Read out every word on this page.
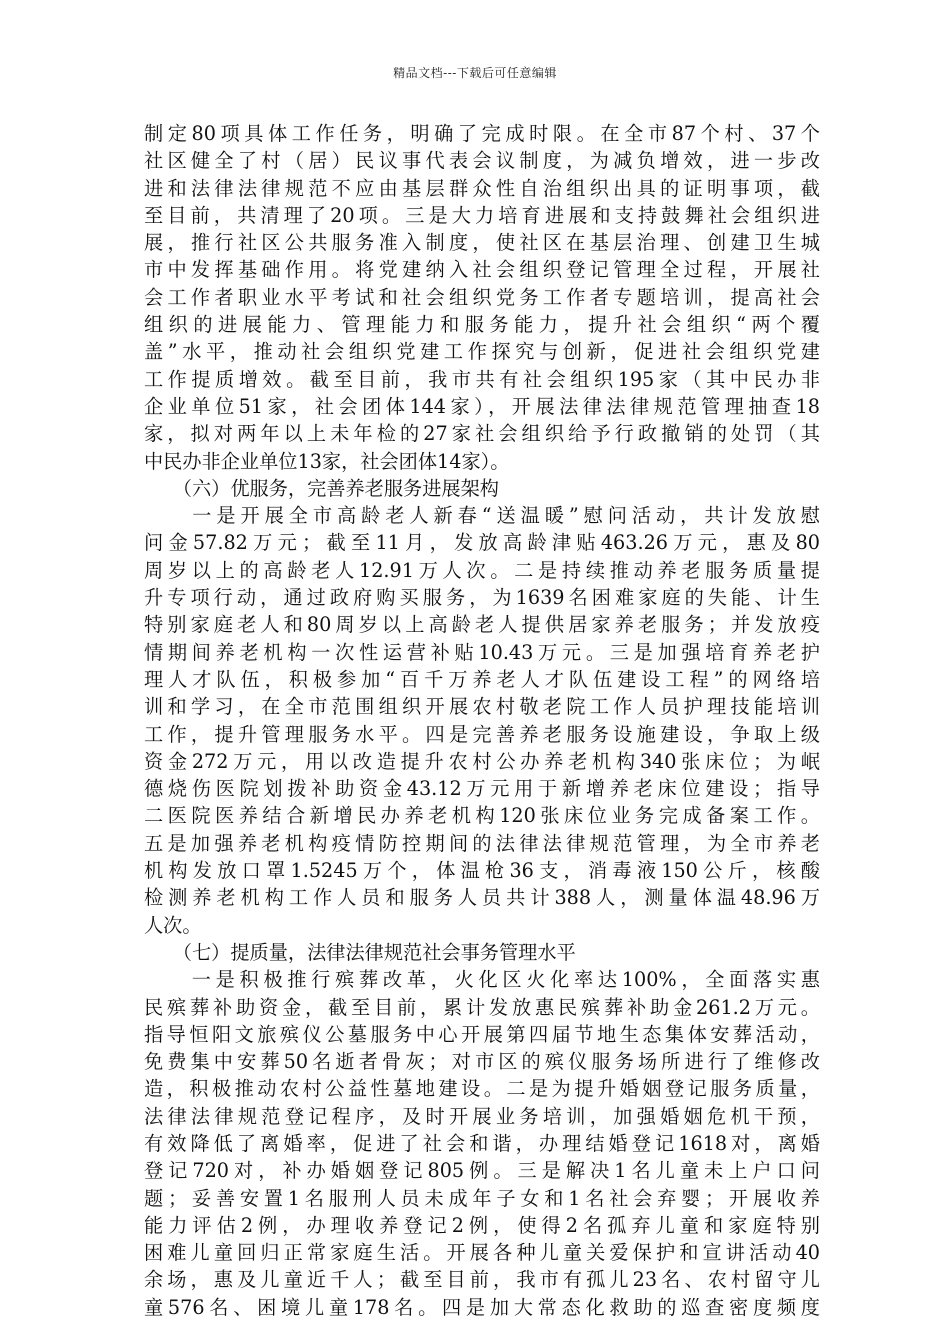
精品文档---下载后可任意编辑
制定80项具体工作任务，明确了完成时限。在全市87个村、37个
社区健全了村（居）民议事代表会议制度，为减负增效，进一步改
进和法律法律规范不应由基层群众性自治组织出具的证明事项，截
至目前，共清理了20项。三是大力培育进展和支持鼓舞社会组织进
展，推行社区公共服务准入制度，使社区在基层治理、创建卫生城
市中发挥基础作用。将党建纳入社会组织登记管理全过程，开展社
会工作者职业水平考试和社会组织党务工作者专题培训，提高社会
组织的进展能力、管理能力和服务能力，提升社会组织“两个覆
盖”水平，推动社会组织党建工作探究与创新，促进社会组织党建
工作提质增效。截至目前，我市共有社会组织195家（其中民办非
企业单位51家，社会团体144家），开展法律法律规范管理抽查18
家，拟对两年以上未年检的27家社会组织给予行政撤销的处罚（其
中民办非企业单位13家，社会团体14家）。
　　（六）优服务，完善养老服务进展架构
　　一是开展全市高龄老人新春“送温暖”慰问活动，共计发放慰
问金57.82万元；截至11月，发放高龄津贴463.26万元，惠及80
周岁以上的高龄老人12.91万人次。二是持续推动养老服务质量提
升专项行动，通过政府购买服务，为1639名困难家庭的失能、计生
特别家庭老人和80周岁以上高龄老人提供居家养老服务；并发放疫
情期间养老机构一次性运营补贴10.43万元。三是加强培育养老护
理人才队伍，积极参加“百千万养老人才队伍建设工程”的网络培
训和学习，在全市范围组织开展农村敬老院工作人员护理技能培训
工作，提升管理服务水平。四是完善养老服务设施建设，争取上级
资金272万元，用以改造提升农村公办养老机构340张床位；为岷
德烧伤医院划拨补助资金43.12万元用于新增养老床位建设；指导
二医院医养结合新增民办养老机构120张床位业务完成备案工作。
五是加强养老机构疫情防控期间的法律法律规范管理，为全市养老
机构发放口罩1.5245万个，体温枪36支，消毒液150公斤，核酸
检测养老机构工作人员和服务人员共计388人，测量体温48.96万
人次。
　　（七）提质量，法律法律规范社会事务管理水平
　　一是积极推行殡葬改革，火化区火化率达100%，全面落实惠
民殡葬补助资金，截至目前，累计发放惠民殡葬补助金261.2万元。
指导恒阳文旅殡仪公墓服务中心开展第四届节地生态集体安葬活动，
免费集中安葬50名逝者骨灰；对市区的殡仪服务场所进行了维修改
造，积极推动农村公益性墓地建设。二是为提升婚姻登记服务质量，
法律法律规范登记程序，及时开展业务培训，加强婚姻危机干预，
有效降低了离婚率，促进了社会和谐，办理结婚登记1618对，离婚
登记720对，补办婚姻登记805例。三是解决1名儿童未上户口问
题；妥善安置1名服刑人员未成年子女和1名社会弃婴；开展收养
能力评估2例，办理收养登记2例，使得2名孤弃儿童和家庭特别
困难儿童回归正常家庭生活。开展各种儿童关爱保护和宣讲活动40
余场，惠及儿童近千人；截至目前，我市有孤儿23名、农村留守儿
童576名、困境儿童178名。四是加大常态化救助的巡查密度频度
